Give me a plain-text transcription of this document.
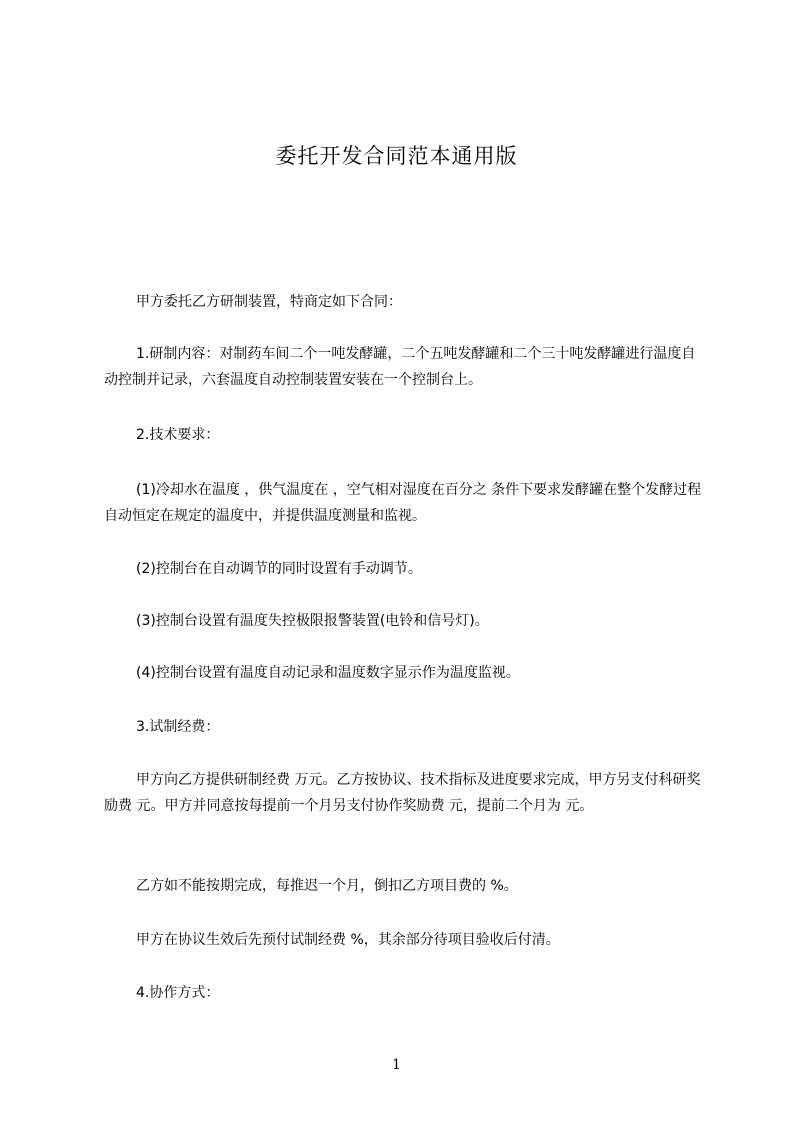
委托开发合同范本通用版

甲方委托乙方研制装置，特商定如下合同：

1.研制内容：对制药车间二个一吨发酵罐，二个五吨发酵罐和二个三十吨发酵罐进行温度自动控制并记录，六套温度自动控制装置安装在一个控制台上。

2.技术要求：

(1)冷却水在温度 ，供气温度在 ，空气相对湿度在百分之 条件下要求发酵罐在整个发酵过程自动恒定在规定的温度中，并提供温度测量和监视。

(2)控制台在自动调节的同时设置有手动调节。

(3)控制台设置有温度失控极限报警装置(电铃和信号灯)。

(4)控制台设置有温度自动记录和温度数字显示作为温度监视。

3.试制经费：

甲方向乙方提供研制经费 万元。乙方按协议、技术指标及进度要求完成，甲方另支付科研奖励费 元。甲方并同意按每提前一个月另支付协作奖励费 元，提前二个月为 元。

乙方如不能按期完成，每推迟一个月，倒扣乙方项目费的 %。

甲方在协议生效后先预付试制经费 %，其余部分待项目验收后付清。

4.协作方式：

1
